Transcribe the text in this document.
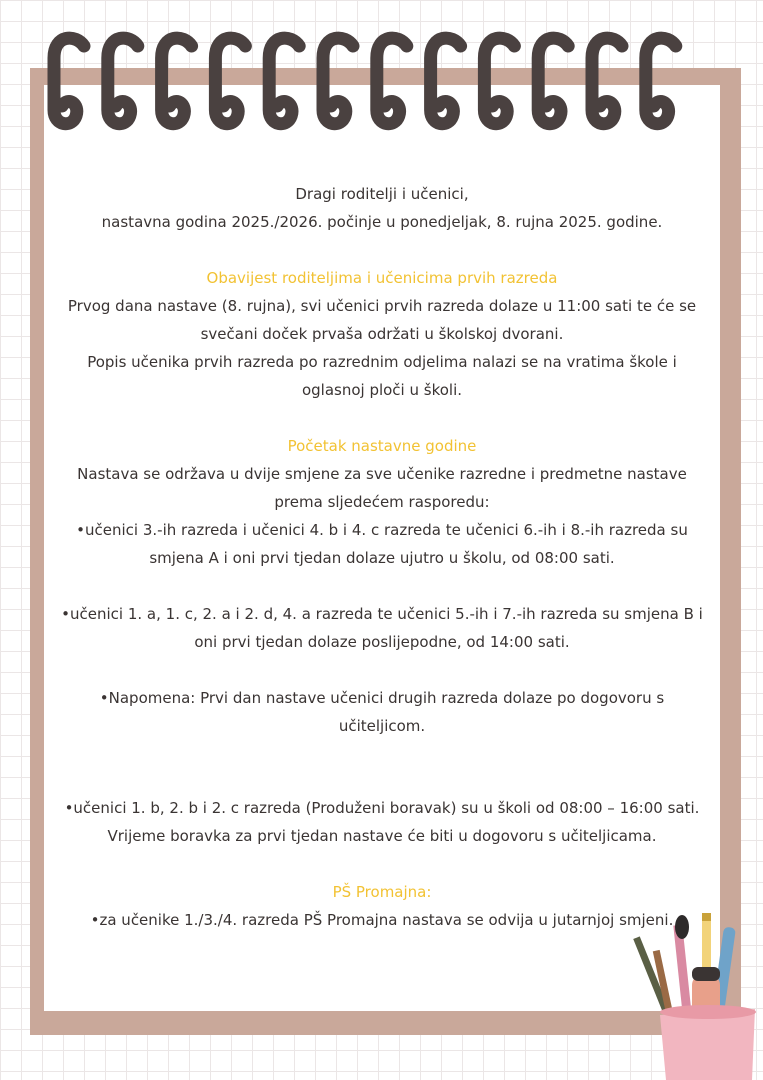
Dragi roditelji i učenici,

nastavna godina 2025./2026. počinje u ponedjeljak, 8. rujna 2025. godine.

Obavijest roditeljima i učenicima prvih razreda

Prvog dana nastave (8. rujna), svi učenici prvih razreda dolaze u 11:00 sati te će se svečani doček prvaša održati u školskoj dvorani.

Popis učenika prvih razreda po razrednim odjelima nalazi se na vratima škole i oglasnoj ploči u školi.

Početak nastavne godine

Nastava se održava u dvije smjene za sve učenike razredne i predmetne nastave prema sljedećem rasporedu:

•učenici 3.-ih razreda i učenici 4. b i 4. c razreda te učenici 6.-ih i 8.-ih razreda su smjena A i oni prvi tjedan dolaze ujutro u školu, od 08:00 sati.

•učenici 1. a, 1. c, 2. a i 2. d, 4. a razreda te učenici 5.-ih i 7.-ih razreda su smjena B i oni prvi tjedan dolaze poslijepodne, od 14:00 sati.

•Napomena: Prvi dan nastave učenici drugih razreda dolaze po dogovoru s učiteljicom.

•učenici 1. b, 2. b i 2. c razreda (Produženi boravak) su u školi od 08:00 – 16:00 sati. Vrijeme boravka za prvi tjedan nastave će biti u dogovoru s učiteljicama.

PŠ Promajna:

•za učenike 1./3./4. razreda PŠ Promajna nastava se odvija u jutarnjoj smjeni.
